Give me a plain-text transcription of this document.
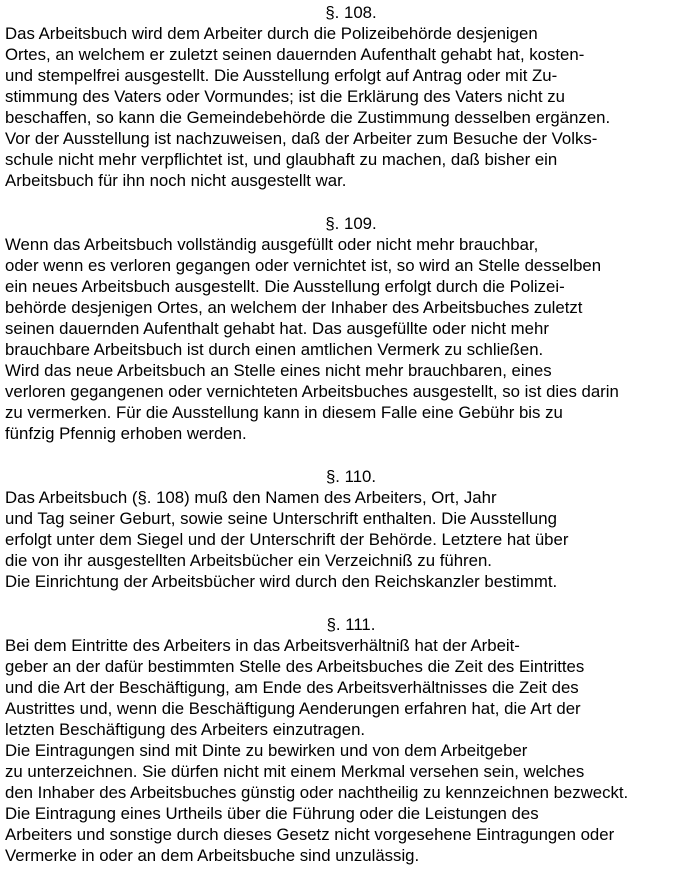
§. 108.
Das Arbeitsbuch wird dem Arbeiter durch die Polizeibehörde desjenigen
Ortes, an welchem er zuletzt seinen dauernden Aufenthalt gehabt hat, kosten-
und stempelfrei ausgestellt. Die Ausstellung erfolgt auf Antrag oder mit Zu-
stimmung des Vaters oder Vormundes; ist die Erklärung des Vaters nicht zu
beschaffen, so kann die Gemeindebehörde die Zustimmung desselben ergänzen.
Vor der Ausstellung ist nachzuweisen, daß der Arbeiter zum Besuche der Volks-
schule nicht mehr verpflichtet ist, und glaubhaft zu machen, daß bisher ein
Arbeitsbuch für ihn noch nicht ausgestellt war.
§. 109.
Wenn das Arbeitsbuch vollständig ausgefüllt oder nicht mehr brauchbar,
oder wenn es verloren gegangen oder vernichtet ist, so wird an Stelle desselben
ein neues Arbeitsbuch ausgestellt. Die Ausstellung erfolgt durch die Polizei-
behörde desjenigen Ortes, an welchem der Inhaber des Arbeitsbuches zuletzt
seinen dauernden Aufenthalt gehabt hat. Das ausgefüllte oder nicht mehr
brauchbare Arbeitsbuch ist durch einen amtlichen Vermerk zu schließen.
Wird das neue Arbeitsbuch an Stelle eines nicht mehr brauchbaren, eines
verloren gegangenen oder vernichteten Arbeitsbuches ausgestellt, so ist dies darin
zu vermerken. Für die Ausstellung kann in diesem Falle eine Gebühr bis zu
fünfzig Pfennig erhoben werden.
§. 110.
Das Arbeitsbuch (§. 108) muß den Namen des Arbeiters, Ort, Jahr
und Tag seiner Geburt, sowie seine Unterschrift enthalten. Die Ausstellung
erfolgt unter dem Siegel und der Unterschrift der Behörde. Letztere hat über
die von ihr ausgestellten Arbeitsbücher ein Verzeichniß zu führen.
Die Einrichtung der Arbeitsbücher wird durch den Reichskanzler bestimmt.
§. 111.
Bei dem Eintritte des Arbeiters in das Arbeitsverhältniß hat der Arbeit-
geber an der dafür bestimmten Stelle des Arbeitsbuches die Zeit des Eintrittes
und die Art der Beschäftigung, am Ende des Arbeitsverhältnisses die Zeit des
Austrittes und, wenn die Beschäftigung Aenderungen erfahren hat, die Art der
letzten Beschäftigung des Arbeiters einzutragen.
Die Eintragungen sind mit Dinte zu bewirken und von dem Arbeitgeber
zu unterzeichnen. Sie dürfen nicht mit einem Merkmal versehen sein, welches
den Inhaber des Arbeitsbuches günstig oder nachtheilig zu kennzeichnen bezweckt.
Die Eintragung eines Urtheils über die Führung oder die Leistungen des
Arbeiters und sonstige durch dieses Gesetz nicht vorgesehene Eintragungen oder
Vermerke in oder an dem Arbeitsbuche sind unzulässig.
